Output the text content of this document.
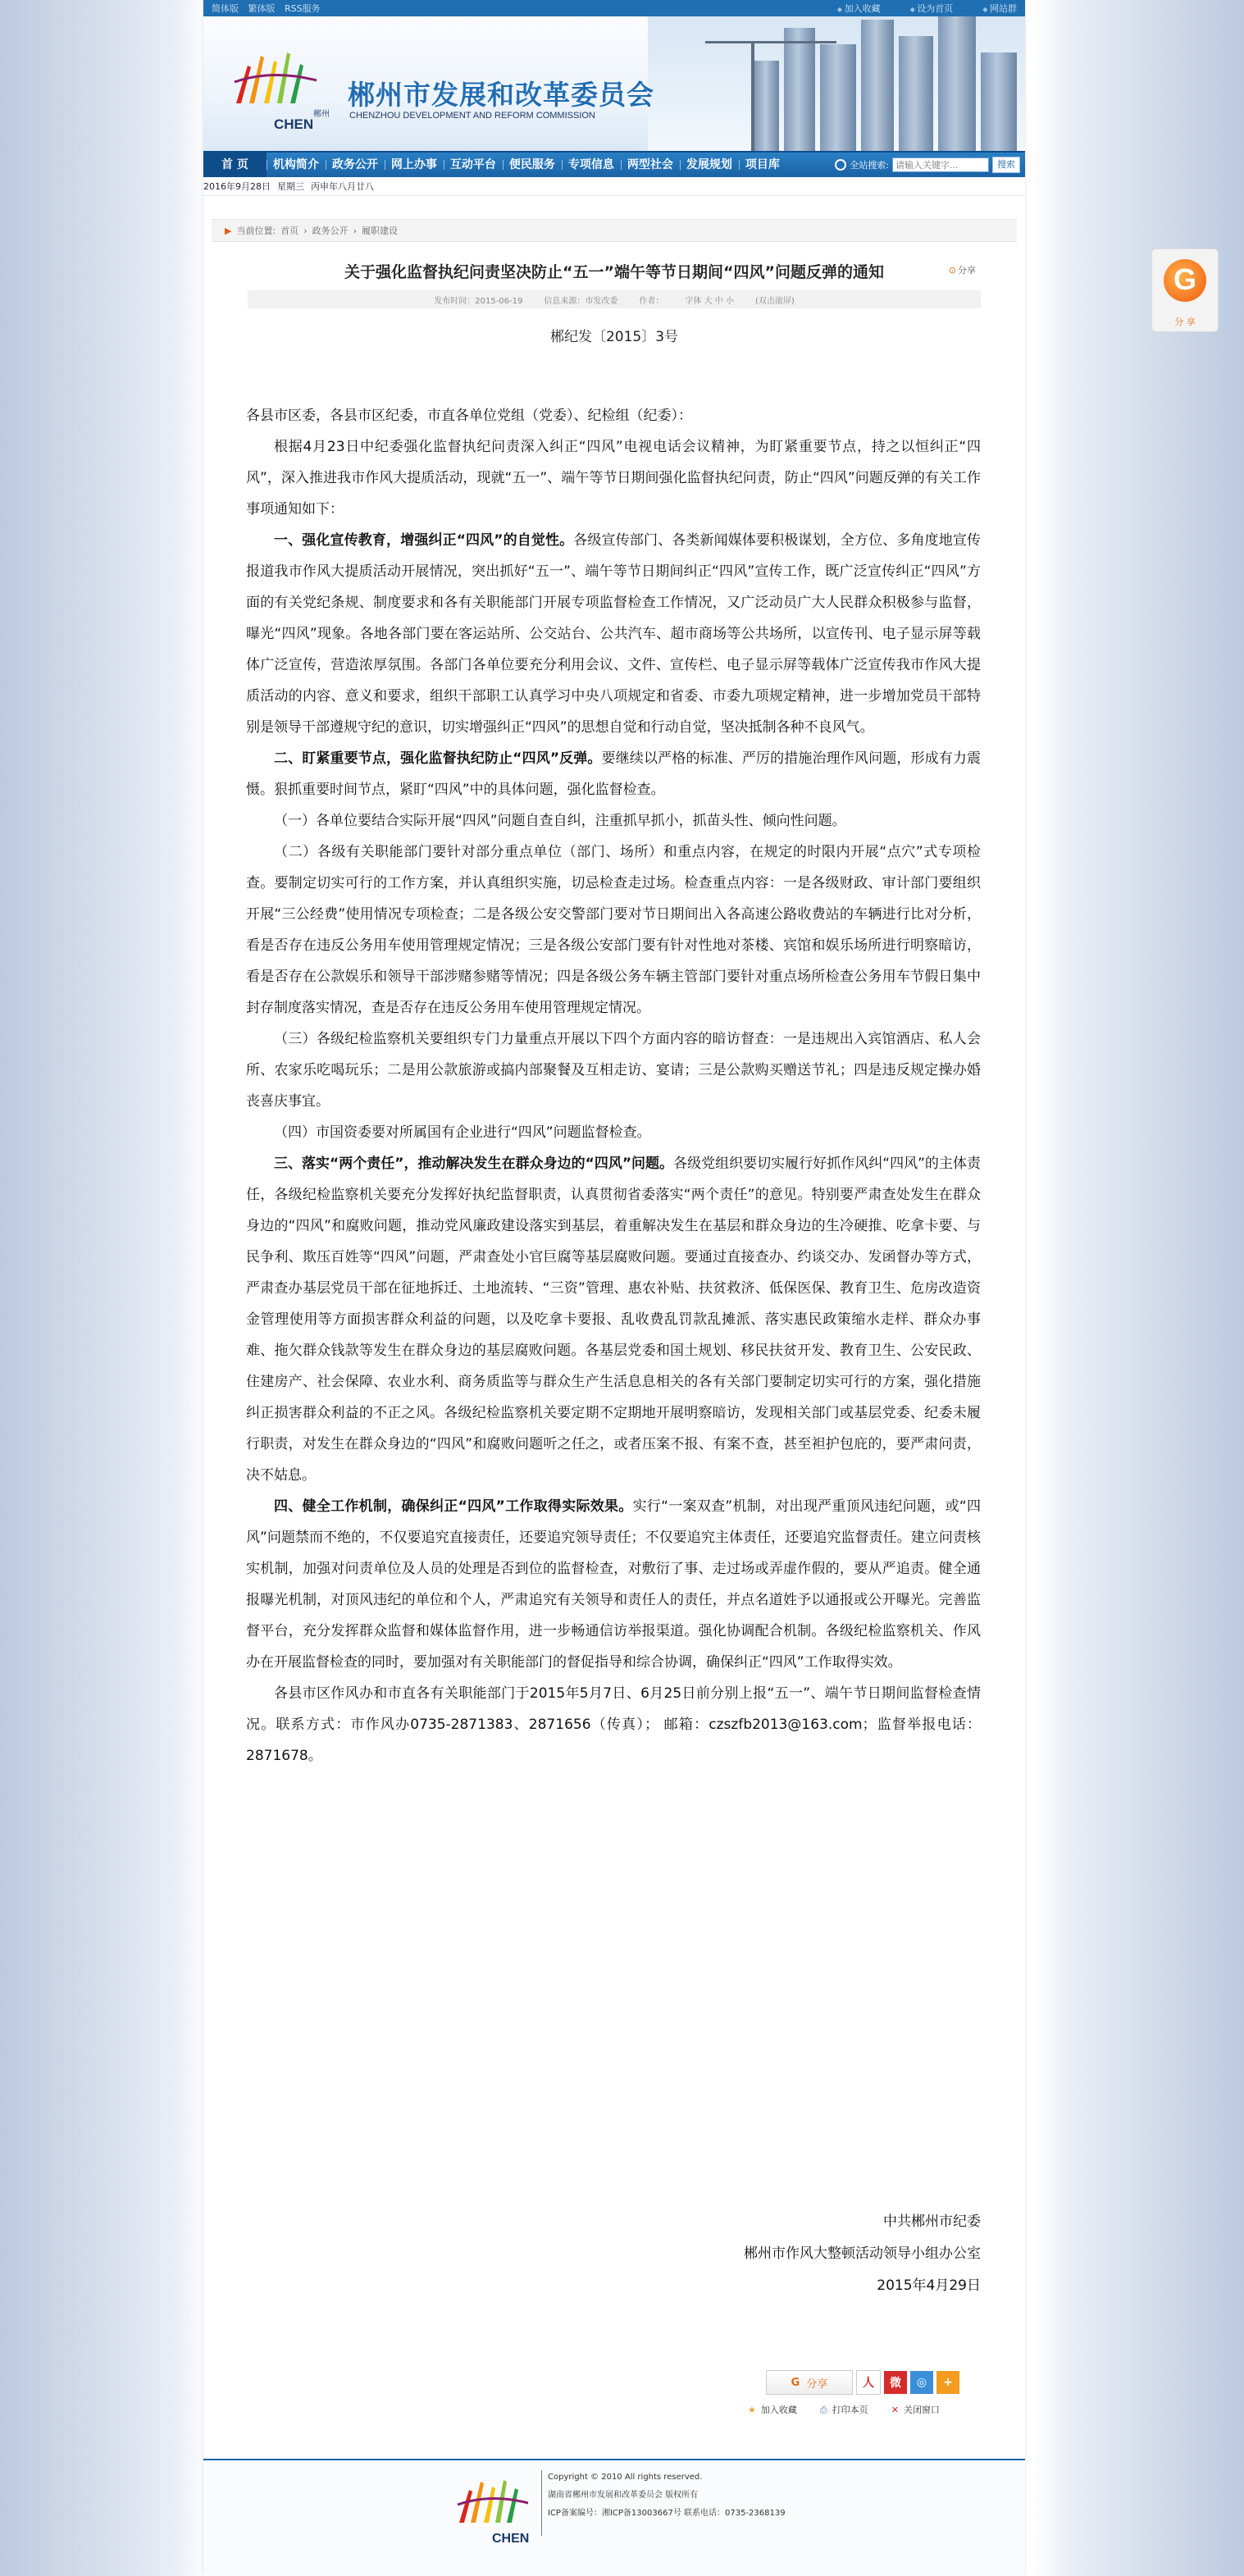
简体版 繁体版 RSS服务	◆ 加入收藏	◆ 设为首页	◆ 网站群
CHEN
郴州
郴州市发展和改革委员会
CHENZHOU DEVELOPMENT AND REFORM COMMISSION
首 页	机构简介	政务公开	网上办事	互动平台	便民服务	专项信息	两型社会	发展规划	项目库	全站搜索:
请输入关键字...	搜索
2016年9月28日 星期三 丙申年八月廿八
▶ 当前位置: 首页 › 政务公开 › 履职建设
关于强化监督执纪问责坚决防止“五一”端午等节日期间“四风”问题反弹的通知	⊙ 分享
发布时间：2015-06-19	信息来源：市发改委	作者：	字体 大 中 小	(双击滚屏)
郴纪发〔2015〕3号

各县市区委，各县市区纪委，市直各单位党组（党委）、纪检组（纪委）：

根据4月23日中纪委强化监督执纪问责深入纠正“四风”电视电话会议精神，为盯紧重要节点，持之以恒纠正“四风”，深入推进我市作风大提质活动，现就“五一”、端午等节日期间强化监督执纪问责，防止“四风”问题反弹的有关工作事项通知如下：

一、强化宣传教育，增强纠正“四风”的自觉性。各级宣传部门、各类新闻媒体要积极谋划，全方位、多角度地宣传报道我市作风大提质活动开展情况，突出抓好“五一”、端午等节日期间纠正“四风”宣传工作，既广泛宣传纠正“四风”方面的有关党纪条规、制度要求和各有关职能部门开展专项监督检查工作情况，又广泛动员广大人民群众积极参与监督，曝光“四风”现象。各地各部门要在客运站所、公交站台、公共汽车、超市商场等公共场所，以宣传刊、电子显示屏等载体广泛宣传，营造浓厚氛围。各部门各单位要充分利用会议、文件、宣传栏、电子显示屏等载体广泛宣传我市作风大提质活动的内容、意义和要求，组织干部职工认真学习中央八项规定和省委、市委九项规定精神，进一步增加党员干部特别是领导干部遵规守纪的意识，切实增强纠正“四风”的思想自觉和行动自觉，坚决抵制各种不良风气。

二、盯紧重要节点，强化监督执纪防止“四风”反弹。要继续以严格的标准、严厉的措施治理作风问题，形成有力震慑。狠抓重要时间节点，紧盯“四风”中的具体问题，强化监督检查。

（一）各单位要结合实际开展“四风”问题自查自纠，注重抓早抓小，抓苗头性、倾向性问题。

（二）各级有关职能部门要针对部分重点单位（部门、场所）和重点内容，在规定的时限内开展“点穴”式专项检查。要制定切实可行的工作方案，并认真组织实施，切忌检查走过场。检查重点内容：一是各级财政、审计部门要组织开展“三公经费”使用情况专项检查；二是各级公安交警部门要对节日期间出入各高速公路收费站的车辆进行比对分析，看是否存在违反公务用车使用管理规定情况；三是各级公安部门要有针对性地对茶楼、宾馆和娱乐场所进行明察暗访，看是否存在公款娱乐和领导干部涉赌参赌等情况；四是各级公务车辆主管部门要针对重点场所检查公务用车节假日集中封存制度落实情况，查是否存在违反公务用车使用管理规定情况。

（三）各级纪检监察机关要组织专门力量重点开展以下四个方面内容的暗访督查：一是违规出入宾馆酒店、私人会所、农家乐吃喝玩乐；二是用公款旅游或搞内部聚餐及互相走访、宴请；三是公款购买赠送节礼；四是违反规定操办婚丧喜庆事宜。

（四）市国资委要对所属国有企业进行“四风”问题监督检查。

三、落实“两个责任”，推动解决发生在群众身边的“四风”问题。各级党组织要切实履行好抓作风纠“四风”的主体责任，各级纪检监察机关要充分发挥好执纪监督职责，认真贯彻省委落实“两个责任”的意见。特别要严肃查处发生在群众身边的“四风”和腐败问题，推动党风廉政建设落实到基层，着重解决发生在基层和群众身边的生冷硬推、吃拿卡要、与民争利、欺压百姓等“四风”问题，严肃查处小官巨腐等基层腐败问题。要通过直接查办、约谈交办、发函督办等方式，严肃查办基层党员干部在征地拆迁、土地流转、“三资”管理、惠农补贴、扶贫救济、低保医保、教育卫生、危房改造资金管理使用等方面损害群众利益的问题，以及吃拿卡要报、乱收费乱罚款乱摊派、落实惠民政策缩水走样、群众办事难、拖欠群众钱款等发生在群众身边的基层腐败问题。各基层党委和国土规划、移民扶贫开发、教育卫生、公安民政、住建房产、社会保障、农业水利、商务质监等与群众生产生活息息相关的各有关部门要制定切实可行的方案，强化措施纠正损害群众利益的不正之风。各级纪检监察机关要定期不定期地开展明察暗访，发现相关部门或基层党委、纪委未履行职责，对发生在群众身边的“四风”和腐败问题听之任之，或者压案不报、有案不查，甚至袒护包庇的，要严肃问责，决不姑息。

四、健全工作机制，确保纠正“四风”工作取得实际效果。实行“一案双查”机制，对出现严重顶风违纪问题，或“四风”问题禁而不绝的，不仅要追究直接责任，还要追究领导责任；不仅要追究主体责任，还要追究监督责任。建立问责核实机制，加强对问责单位及人员的处理是否到位的监督检查，对敷衍了事、走过场或弄虚作假的，要从严追责。健全通报曝光机制，对顶风违纪的单位和个人，严肃追究有关领导和责任人的责任，并点名道姓予以通报或公开曝光。完善监督平台，充分发挥群众监督和媒体监督作用，进一步畅通信访举报渠道。强化协调配合机制。各级纪检监察机关、作风办在开展监督检查的同时，要加强对有关职能部门的督促指导和综合协调，确保纠正“四风”工作取得实效。

各县市区作风办和市直各有关职能部门于2015年5月7日、6月25日前分别上报“五一”、端午节日期间监督检查情况。联系方式：市作风办0735-2871383、2871656（传真）； 邮箱：czszfb2013@163.com；监督举报电话：2871678。

中共郴州市纪委
郴州市作风大整顿活动领导小组办公室
2015年4月29日
G 分享	人	微	◎	+
★ 加入收藏	⎙ 打印本页	✕ 关闭窗口
CHEN
Copyright © 2010 All rights reserved.
湖南省郴州市发展和改革委员会 版权所有
ICP备案编号：湘ICP备13003667号 联系电话：0735-2368139
G
分 享
